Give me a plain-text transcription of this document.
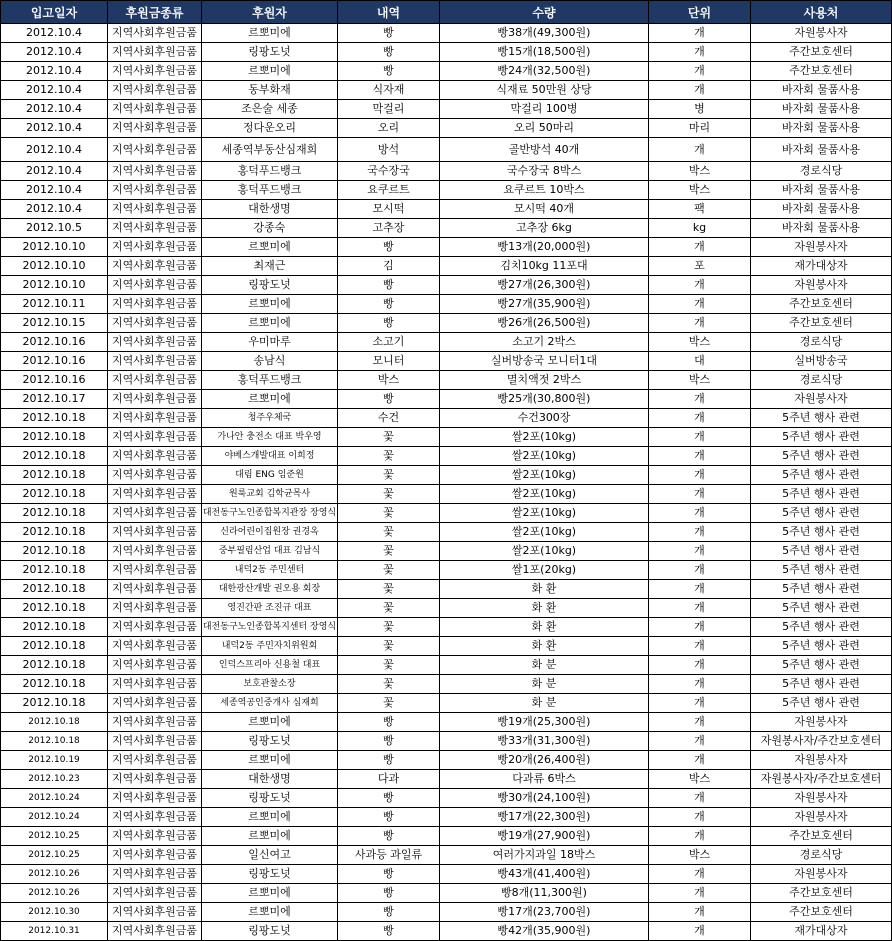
입고일자	후원금종류	후원자	내역	수량	단위	사용처
2012.10.4	지역사회후원금품	르뽀미에	빵	빵38개(49,300원)	개	자원봉사자
2012.10.4	지역사회후원금품	링팡도넛	빵	빵15개(18,500원)	개	주간보호센터
2012.10.4	지역사회후원금품	르뽀미에	빵	빵24개(32,500원)	개	주간보호센터
2012.10.4	지역사회후원금품	동부화재	식자재	식재료 50만원 상당	개	바자회 물품사용
2012.10.4	지역사회후원금품	조은술 세종	막걸리	막걸리 100병	병	바자회 물품사용
2012.10.4	지역사회후원금품	정다운오리	오리	오리 50마리	마리	바자회 물품사용
2012.10.4	지역사회후원금품	세종역부동산심재희	방석	골반방석 40개	개	바자회 물품사용
2012.10.4	지역사회후원금품	홍덕푸드뱅크	국수장국	국수장국 8박스	박스	경로식당
2012.10.4	지역사회후원금품	홍덕푸드뱅크	요쿠르트	요쿠르트 10박스	박스	바자회 물품사용
2012.10.4	지역사회후원금품	대한생명	모시떡	모시떡 40개	팩	바자회 물품사용
2012.10.5	지역사회후원금품	강종숙	고추장	고추장 6kg	kg	바자회 물품사용
2012.10.10	지역사회후원금품	르뽀미에	빵	빵13개(20,000원)	개	자원봉사자
2012.10.10	지역사회후원금품	최재근	김	김치10kg 11포대	포	재가대상자
2012.10.10	지역사회후원금품	링팡도넛	빵	빵27개(26,300원)	개	자원봉사자
2012.10.11	지역사회후원금품	르뽀미에	빵	빵27개(35,900원)	개	주간보호센터
2012.10.15	지역사회후원금품	르뽀미에	빵	빵26개(26,500원)	개	주간보호센터
2012.10.16	지역사회후원금품	우미마루	소고기	소고기 2박스	박스	경로식당
2012.10.16	지역사회후원금품	송남식	모니터	실버방송국 모니터1대	대	실버방송국
2012.10.16	지역사회후원금품	홍덕푸드뱅크	박스	멸치액젓 2박스	박스	경로식당
2012.10.17	지역사회후원금품	르뽀미에	빵	빵25개(30,800원)	개	자원봉사자
2012.10.18	지역사회후원금품	청주우체국	수건	수건300장	개	5주년 행사 관련
2012.10.18	지역사회후원금품	가나안 충전소 대표 박우영	꽃	쌀2포(10kg)	개	5주년 행사 관련
2012.10.18	지역사회후원금품	야베스개발대표 이희정	꽃	쌀2포(10kg)	개	5주년 행사 관련
2012.10.18	지역사회후원금품	대림 ENG 임준원	꽃	쌀2포(10kg)	개	5주년 행사 관련
2012.10.18	지역사회후원금품	원룩교회 김학균목사	꽃	쌀2포(10kg)	개	5주년 행사 관련
2012.10.18	지역사회후원금품	대전동구노인종합복지관장 장영식	꽃	쌀2포(10kg)	개	5주년 행사 관련
2012.10.18	지역사회후원금품	신라어린이집원장 권경옥	꽃	쌀2포(10kg)	개	5주년 행사 관련
2012.10.18	지역사회후원금품	중부필림산업 대표 김남식	꽃	쌀2포(10kg)	개	5주년 행사 관련
2012.10.18	지역사회후원금품	내덕2동 주민센터	꽃	쌀1포(20kg)	개	5주년 행사 관련
2012.10.18	지역사회후원금품	대한광산개발 권오용 회장	꽃	화 환	개	5주년 행사 관련
2012.10.18	지역사회후원금품	영진간판 조진규 대표	꽃	화 환	개	5주년 행사 관련
2012.10.18	지역사회후원금품	대전동구노인종합복지센터 장영식	꽃	화 환	개	5주년 행사 관련
2012.10.18	지역사회후원금품	내덕2동 주민자치위원회	꽃	화 환	개	5주년 행사 관련
2012.10.18	지역사회후원금품	인덕스프리아 신용철 대표	꽃	화 분	개	5주년 행사 관련
2012.10.18	지역사회후원금품	보호관찰소장	꽃	화 분	개	5주년 행사 관련
2012.10.18	지역사회후원금품	세종역공인중개사 심재희	꽃	화 분	개	5주년 행사 관련
2012.10.18	지역사회후원금품	르뽀미에	빵	빵19개(25,300원)	개	자원봉사자
2012.10.18	지역사회후원금품	링팡도넛	빵	빵33개(31,300원)	개	자원봉사자/주간보호센터
2012.10.19	지역사회후원금품	르뽀미에	빵	빵20개(26,400원)	개	자원봉사자
2012.10.23	지역사회후원금품	대한생명	다과	다과류 6박스	박스	자원봉사자/주간보호센터
2012.10.24	지역사회후원금품	링팡도넛	빵	빵30개(24,100원)	개	자원봉사자
2012.10.24	지역사회후원금품	르뽀미에	빵	빵17개(22,300원)	개	자원봉사자
2012.10.25	지역사회후원금품	르뽀미에	빵	빵19개(27,900원)	개	주간보호센터
2012.10.25	지역사회후원금품	일신여고	사과등 과일류	여러가지과일 18박스	박스	경로식당
2012.10.26	지역사회후원금품	링팡도넛	빵	빵43개(41,400원)	개	자원봉사자
2012.10.26	지역사회후원금품	르뽀미에	빵	빵8개(11,300원)	개	주간보호센터
2012.10.30	지역사회후원금품	르뽀미에	빵	빵17개(23,700원)	개	주간보호센터
2012.10.31	지역사회후원금품	링팡도넛	빵	빵42개(35,900원)	개	재가대상자
